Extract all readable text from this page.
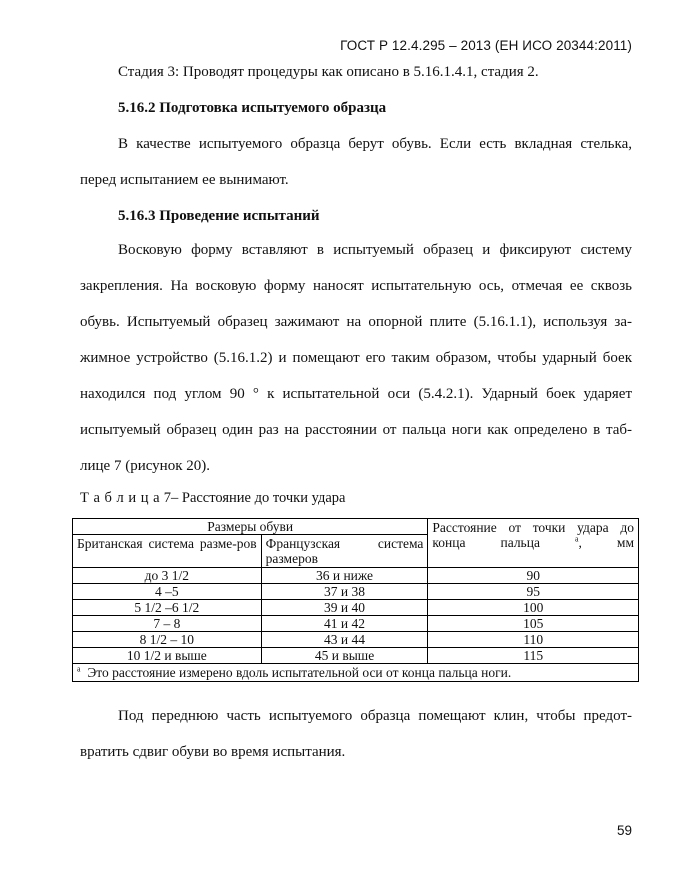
ГОСТ Р 12.4.295 – 2013 (ЕН ИСО 20344:2011)
Стадия 3: Проводят процедуры как описано в 5.16.1.4.1, стадия 2.
5.16.2 Подготовка испытуемого образца
В качестве испытуемого образца берут обувь. Если есть вкладная стелька, перед испытанием ее вынимают.
5.16.3 Проведение испытаний
Восковую форму вставляют в испытуемый образец и фиксируют систему закрепления. На восковую форму наносят испытательную ось, отмечая ее сквозь обувь. Испытуемый образец зажимают на опорной плите (5.16.1.1), используя за-жимное устройство (5.16.1.2) и помещают его таким образом, чтобы ударный боек находился под углом 90 ° к испытательной оси (5.4.2.1). Ударный боек ударяет испытуемый образец один раз на расстоянии от пальца ноги как определено в таб-лице 7 (рисунок 20).
Т а б л и ц а 7– Расстояние до точки удара
Размеры обуви		Расстояние от точки удара до конца пальца $^а$, мм
Британская система разме-ров	Французская система размеров	
до 3 1/2	36 и ниже	90
4 –5	37 и 38	95
5 1/2 –6 1/2	39 и 40	100
7 – 8	41 и 42	105
8 1/2 – 10	43 и 44	110
10 1/2 и выше	45 и выше	115
$^а$ Это расстояние измерено вдоль испытательной оси от конца пальца ноги.		
Под переднюю часть испытуемого образца помещают клин, чтобы предот-вратить сдвиг обуви во время испытания.
59
